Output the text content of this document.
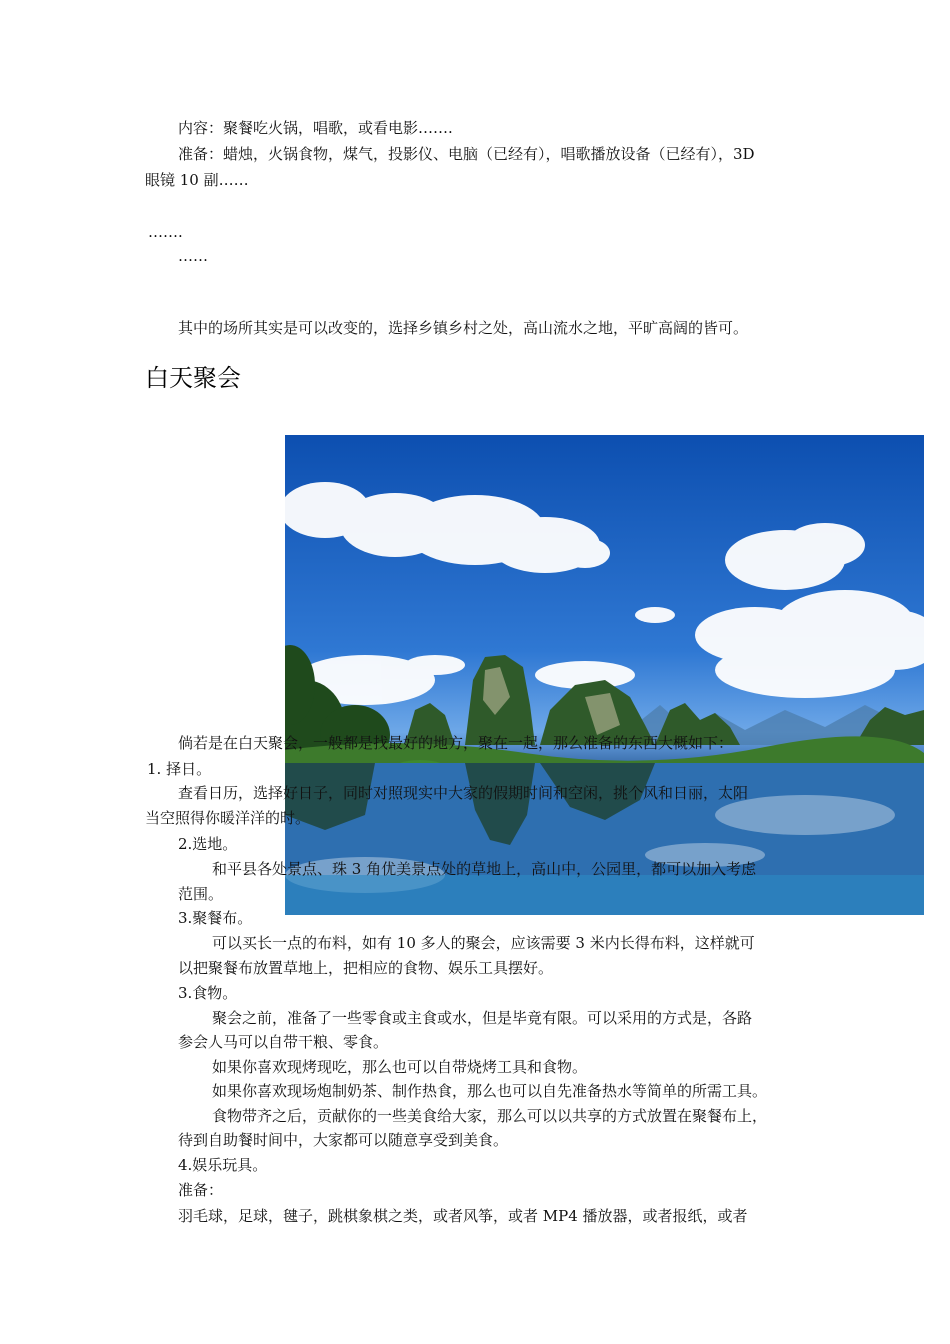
内容：聚餐吃火锅，唱歌，或看电影…….
准备：蜡烛，火锅食物，煤气，投影仪、电脑（已经有），唱歌播放设备（已经有），3D
眼镜 10 副……
…….
……
其中的场所其实是可以改变的，选择乡镇乡村之处，高山流水之地，平旷高阔的皆可。
白天聚会
倘若是在白天聚会，一般都是找最好的地方，聚在一起，那么准备的东西大概如下：
1. 择日。
查看日历，选择好日子，同时对照现实中大家的假期时间和空闲，挑个风和日丽，太阳
当空照得你暖洋洋的时。
2.选地。
和平县各处景点、珠 3 角优美景点处的草地上，高山中，公园里，都可以加入考虑
范围。
3.聚餐布。
可以买长一点的布料，如有 10 多人的聚会，应该需要 3 米内长得布料，这样就可
以把聚餐布放置草地上，把相应的食物、娱乐工具摆好。
3.食物。
聚会之前，准备了一些零食或主食或水，但是毕竟有限。可以采用的方式是，各路
参会人马可以自带干粮、零食。
如果你喜欢现烤现吃，那么也可以自带烧烤工具和食物。
如果你喜欢现场炮制奶茶、制作热食，那么也可以自先准备热水等简单的所需工具。
食物带齐之后，贡献你的一些美食给大家，那么可以以共享的方式放置在聚餐布上，
待到自助餐时间中，大家都可以随意享受到美食。
4.娱乐玩具。
准备：
羽毛球，足球，毽子，跳棋象棋之类，或者风筝，或者 MP4 播放器，或者报纸，或者
